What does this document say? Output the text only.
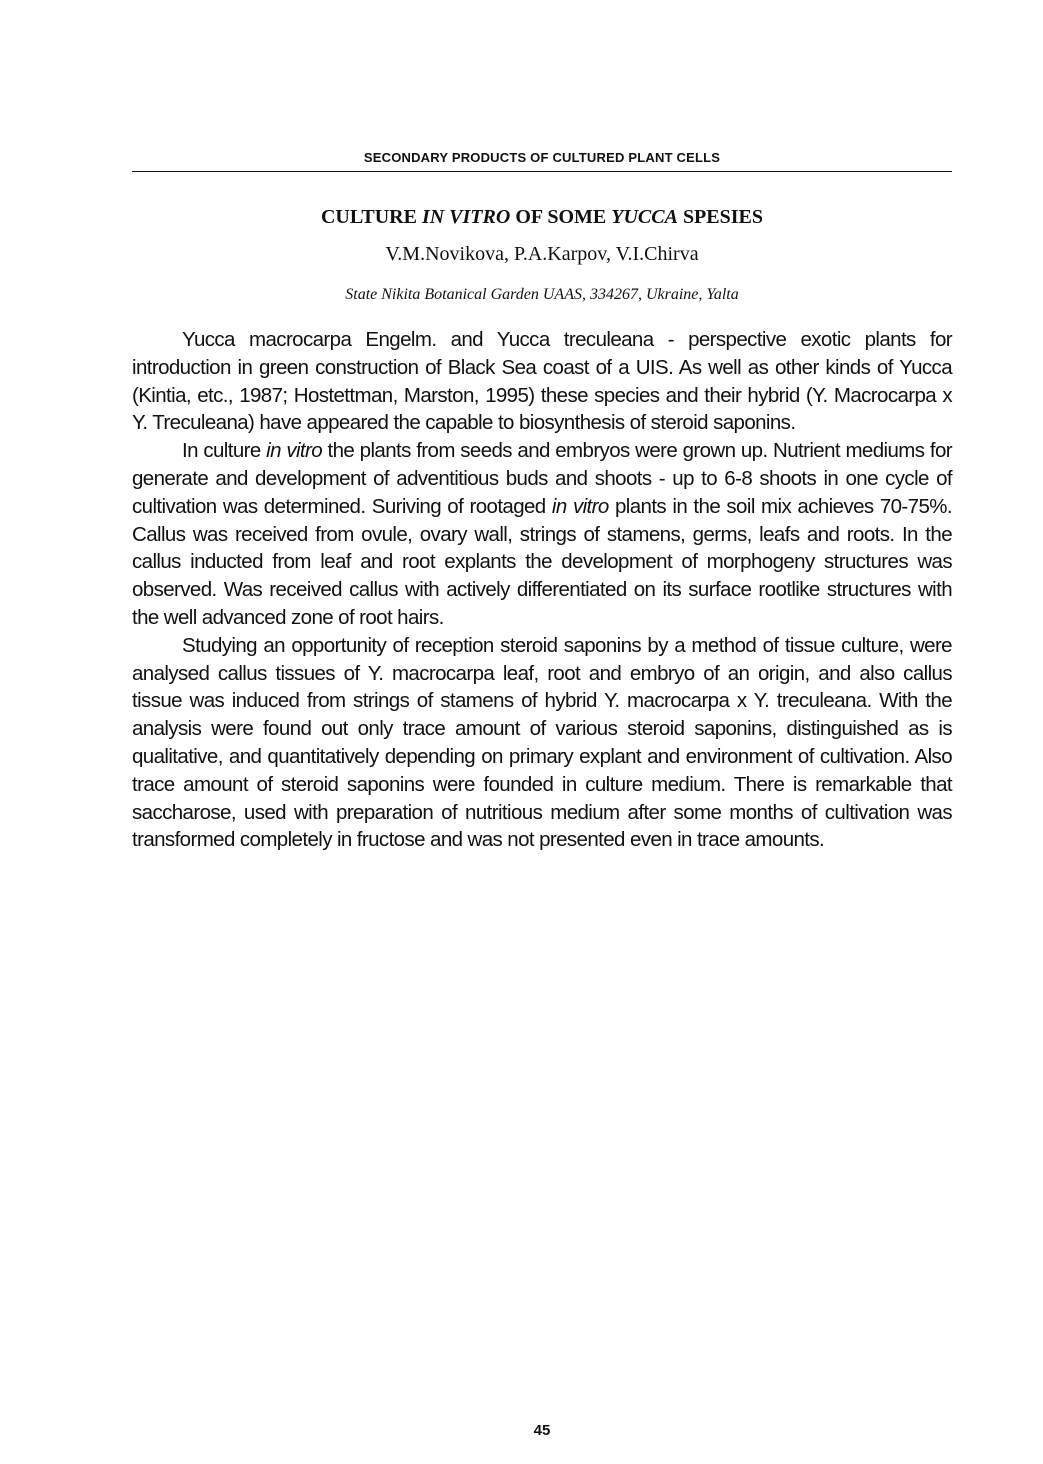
SECONDARY PRODUCTS OF CULTURED PLANT CELLS
CULTURE IN VITRO OF SOME YUCCA SPESIES
V.M.Novikova, P.A.Karpov, V.I.Chirva
State Nikita Botanical Garden UAAS, 334267, Ukraine, Yalta

Yucca macrocarpa Engelm. and Yucca treculeana - perspective exotic plants for introduction in green construction of Black Sea coast of a UIS. As well as other kinds of Yucca (Kintia, etc., 1987; Hostettman, Marston, 1995) these species and their hybrid (Y. Macrocarpa x Y. Treculeana) have appeared the capable to biosynthesis of steroid saponins.

In culture in vitro the plants from seeds and embryos were grown up. Nutrient mediums for generate and development of adventitious buds and shoots - up to 6-8 shoots in one cycle of cultivation was determined. Suriving of rootaged in vitro plants in the soil mix achieves 70-75%. Callus was received from ovule, ovary wall, strings of stamens, germs, leafs and roots. In the callus inducted from leaf and root explants the development of morphogeny structures was observed. Was received callus with actively differentiated on its surface rootlike structures with the well advanced zone of root hairs.

Studying an opportunity of reception steroid saponins by a method of tissue culture, were analysed callus tissues of Y. macrocarpa leaf, root and embryo of an origin, and also callus tissue was induced from strings of stamens of hybrid Y. macrocarpa x Y. treculeana. With the analysis were found out only trace amount of various steroid saponins, distinguished as is qualitative, and quantitatively depending on primary explant and environment of cultivation. Also trace amount of steroid saponins were founded in culture medium. There is remarkable that saccharose, used with preparation of nutritious medium after some months of cultivation was transformed completely in fructose and was not presented even in trace amounts.

45
